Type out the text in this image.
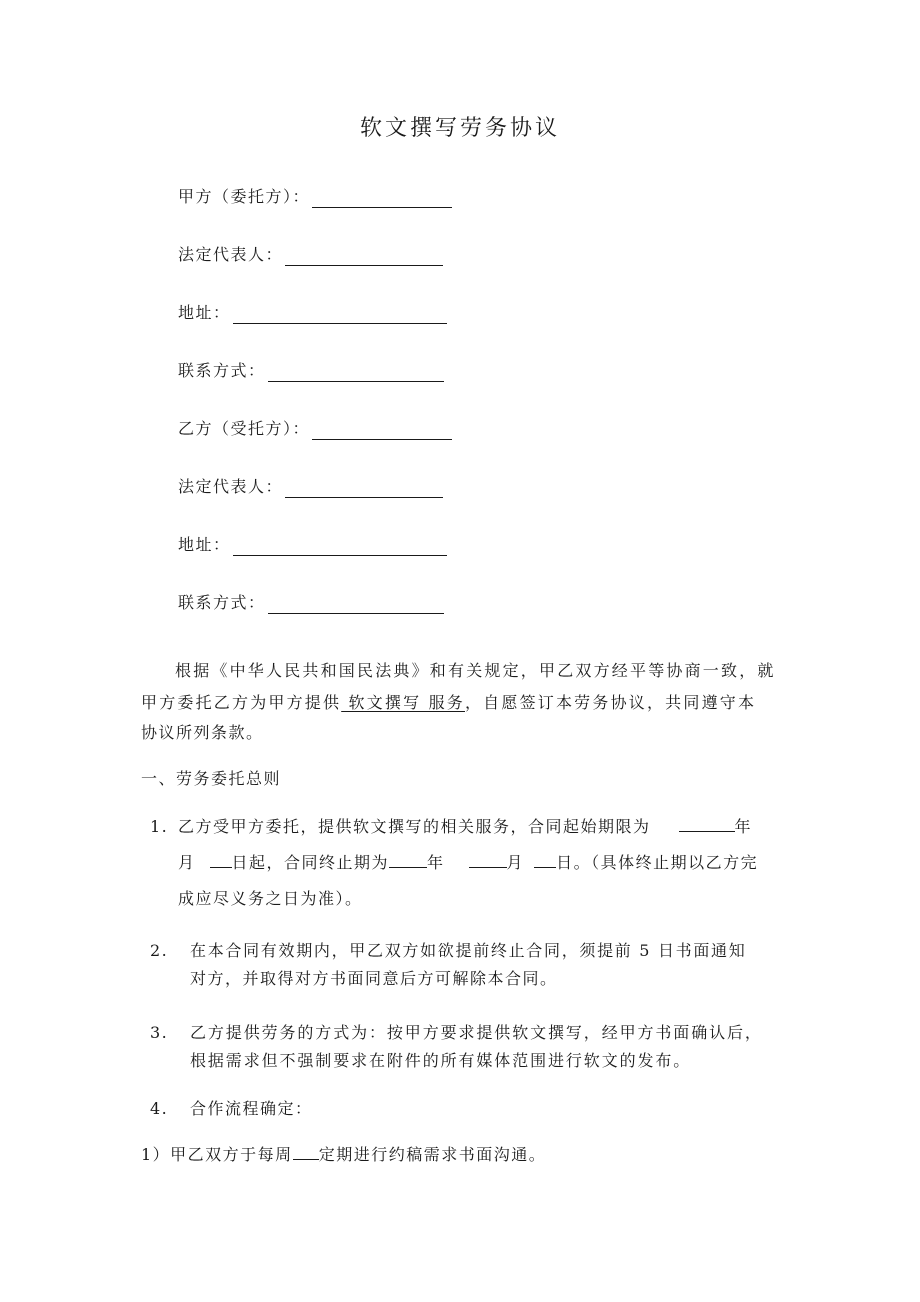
软文撰写劳务协议
甲方（委托方）：
法定代表人：
地址：
联系方式：
乙方（受托方）：
法定代表人：
地址：
联系方式：
根据《中华人民共和国民法典》和有关规定，甲乙双方经平等协商一致，就
甲方委托乙方为甲方提供 软文撰写 服务，自愿签订本劳务协议，共同遵守本
协议所列条款。
一、劳务委托总则
1. 乙方受甲方委托，提供软文撰写的相关服务，合同起始期限为	年
月 日起，合同终止期为 年	月 日。（具体终止期以乙方完
成应尽义务之日为准）。
2. 在本合同有效期内，甲乙双方如欲提前终止合同，须提前 5 日书面通知
对方，并取得对方书面同意后方可解除本合同。
3. 乙方提供劳务的方式为：按甲方要求提供软文撰写，经甲方书面确认后，
根据需求但不强制要求在附件的所有媒体范围进行软文的发布。
4. 合作流程确定：
1）甲乙双方于每周 定期进行约稿需求书面沟通。
